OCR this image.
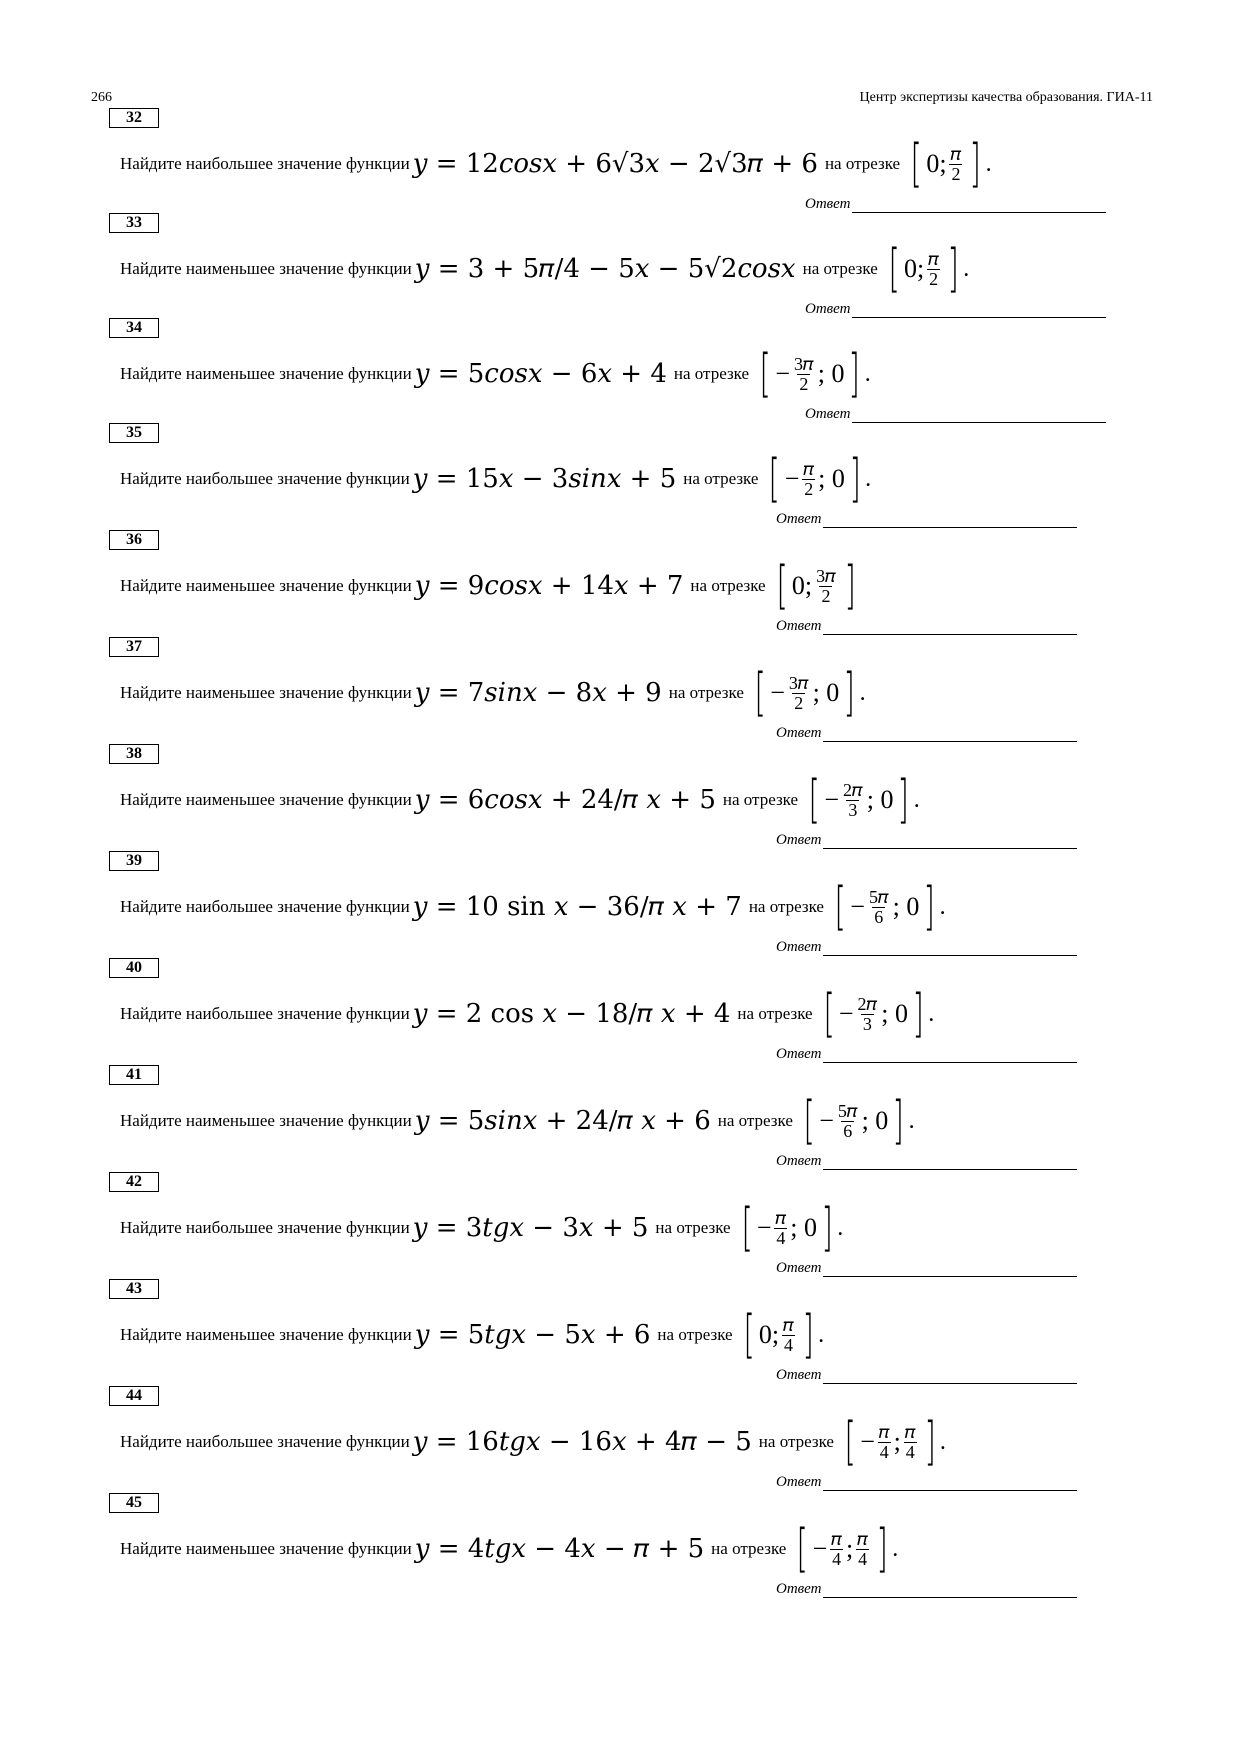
266	Центр экспертизы качества образования. ГИА-11
32
Найдите наибольшее значение функции 𝑦 = 12𝑐𝑜𝑠𝑥 + 6√3𝑥 − 2√3𝜋 + 6 на отрезке [ 0; $\frac{\text{𝜋}}{2}$ ] .
Ответ
33
Найдите наименьшее значение функции 𝑦 = 3 + 5𝜋/4 − 5𝑥 − 5√2𝑐𝑜𝑠𝑥 на отрезке [ 0; $\frac{\text{𝜋}}{2}$ ] .
Ответ
34
Найдите наименьшее значение функции 𝑦 = 5𝑐𝑜𝑠𝑥 − 6𝑥 + 4 на отрезке [ − $\frac{\text{3𝜋}}{2}$ ; 0 ] .
Ответ
35
Найдите наибольшее значение функции 𝑦 = 15𝑥 − 3𝑠𝑖𝑛𝑥 + 5 на отрезке [ − $\frac{\text{𝜋}}{2}$ ; 0 ] .
Ответ
36
Найдите наименьшее значение функции 𝑦 = 9𝑐𝑜𝑠𝑥 + 14𝑥 + 7 на отрезке [ 0; $\frac{\text{3𝜋}}{2}$ ]
Ответ
37
Найдите наименьшее значение функции 𝑦 = 7𝑠𝑖𝑛𝑥 − 8𝑥 + 9 на отрезке [ − $\frac{\text{3𝜋}}{2}$ ; 0 ] .
Ответ
38
Найдите наименьшее значение функции 𝑦 = 6𝑐𝑜𝑠𝑥 + 24/𝜋 𝑥 + 5 на отрезке [ − $\frac{\text{2𝜋}}{3}$ ; 0 ] .
Ответ
39
Найдите наибольшее значение функции 𝑦 = 10 sin 𝑥 − 36/𝜋 𝑥 + 7 на отрезке [ − $\frac{\text{5𝜋}}{6}$ ; 0 ] .
Ответ
40
Найдите наибольшее значение функции 𝑦 = 2 cos 𝑥 − 18/𝜋 𝑥 + 4 на отрезке [ − $\frac{\text{2𝜋}}{3}$ ; 0 ] .
Ответ
41
Найдите наименьшее значение функции 𝑦 = 5𝑠𝑖𝑛𝑥 + 24/𝜋 𝑥 + 6 на отрезке [ − $\frac{\text{5𝜋}}{6}$ ; 0 ] .
Ответ
42
Найдите наибольшее значение функции 𝑦 = 3𝑡𝑔𝑥 − 3𝑥 + 5 на отрезке [ − $\frac{\text{𝜋}}{4}$ ; 0 ] .
Ответ
43
Найдите наименьшее значение функции 𝑦 = 5𝑡𝑔𝑥 − 5𝑥 + 6 на отрезке [ 0; $\frac{\text{𝜋}}{4}$ ] .
Ответ
44
Найдите наибольшее значение функции 𝑦 = 16𝑡𝑔𝑥 − 16𝑥 + 4𝜋 − 5 на отрезке [ − $\frac{\text{𝜋}}{4}$ ; $\frac{\text{𝜋}}{4}$ ] .
Ответ
45
Найдите наименьшее значение функции 𝑦 = 4𝑡𝑔𝑥 − 4𝑥 − 𝜋 + 5 на отрезке [ − $\frac{\text{𝜋}}{4}$ ; $\frac{\text{𝜋}}{4}$ ] .
Ответ
